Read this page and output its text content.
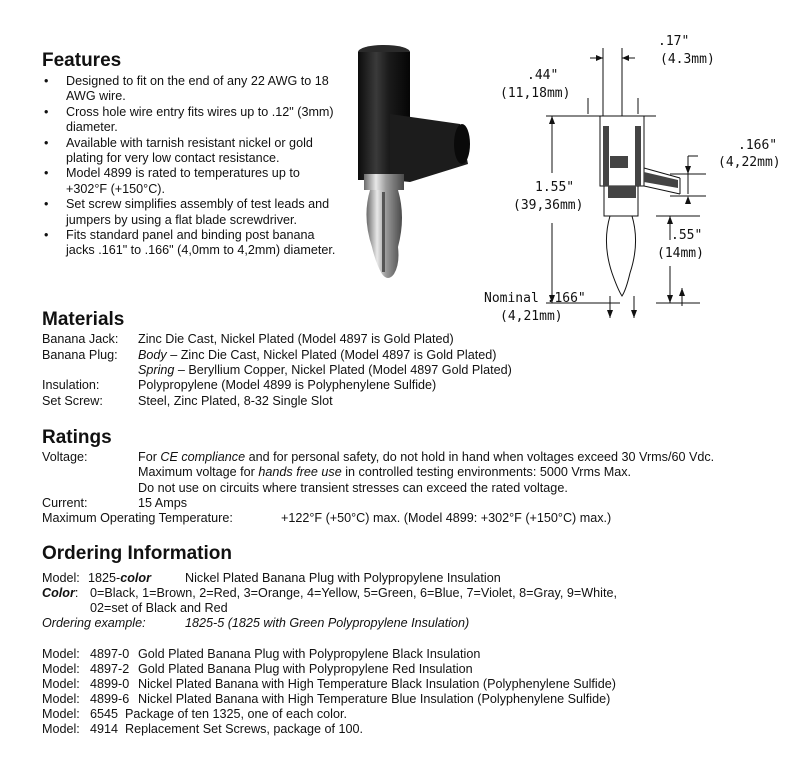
Features
• Designed to fit on the end of any 22 AWG to 18 AWG wire.
• Cross hole wire entry fits wires up to .12" (3mm) diameter.
• Available with tarnish resistant nickel or gold plating for very low contact resistance.
• Model 4899 is rated to temperatures up to +302°F (+150°C).
• Set screw simplifies assembly of test leads and jumpers by using a flat blade screwdriver.
• Fits standard panel and binding post banana jacks .161" to .166" (4,0mm to 4,2mm) diameter.
.17"
(4.3mm)
.44"
(11,18mm)
.166"
(4,22mm)
1.55"
(39,36mm)
.55"
(14mm)
Nominal .166"
(4,21mm)
Materials
Banana Jack: Zinc Die Cast, Nickel Plated (Model 4897 is Gold Plated)
Banana Plug: Body – Zinc Die Cast, Nickel Plated (Model 4897 is Gold Plated)
Spring – Beryllium Copper, Nickel Plated (Model 4897 Gold Plated)
Insulation:	Polypropylene (Model 4899 is Polyphenylene Sulfide)
Set Screw:	Steel, Zinc Plated, 8-32 Single Slot
Ratings
Voltage:	For CE compliance and for personal safety, do not hold in hand when voltages exceed 30 Vrms/60 Vdc.
Maximum voltage for hands free use in controlled testing environments: 5000 Vrms Max.
Do not use on circuits where transient stresses can exceed the rated voltage.
Current:	15 Amps
Maximum Operating Temperature:	+122°F (+50°C) max. (Model 4899: +302°F (+150°C) max.)
Ordering Information
Model: 1825-color	Nickel Plated Banana Plug with Polypropylene Insulation
Color: 0=Black, 1=Brown, 2=Red, 3=Orange, 4=Yellow, 5=Green, 6=Blue, 7=Violet, 8=Gray, 9=White,
02=set of Black and Red
Ordering example:	1825-5 (1825 with Green Polypropylene Insulation)
Model: 4897-0 Gold Plated Banana Plug with Polypropylene Black Insulation
Model: 4897-2 Gold Plated Banana Plug with Polypropylene Red Insulation
Model: 4899-0 Nickel Plated Banana with High Temperature Black Insulation (Polyphenylene Sulfide)
Model: 4899-6 Nickel Plated Banana with High Temperature Blue Insulation (Polyphenylene Sulfide)
Model: 6545 Package of ten 1325, one of each color.
Model: 4914 Replacement Set Screws, package of 100.
